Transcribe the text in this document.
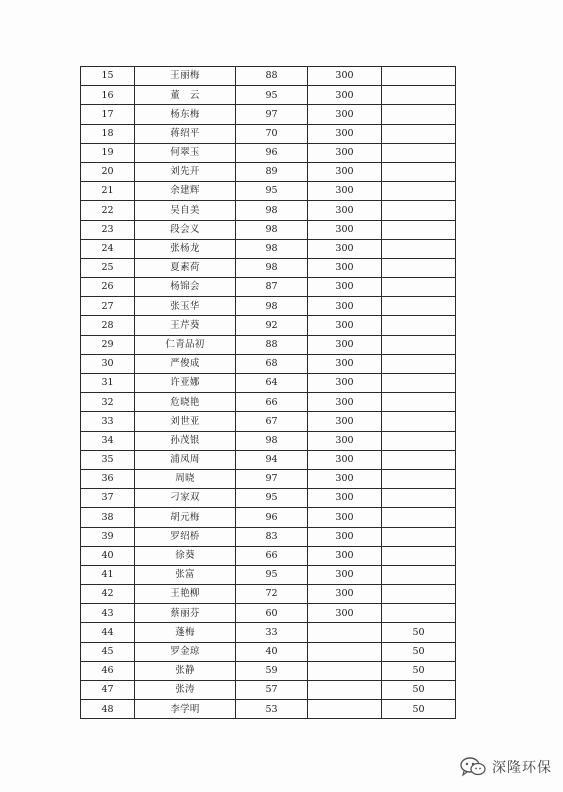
15	王丽梅	88	300	
16	董　云	95	300	
17	杨东梅	97	300	
18	蒋绍平	70	300	
19	何翠玉	96	300	
20	刘先开	89	300	
21	余建辉	95	300	
22	吴自美	98	300	
23	段会义	98	300	
24	张杨龙	98	300	
25	夏素荷	98	300	
26	杨锦会	87	300	
27	张玉华	98	300	
28	王芹葵	92	300	
29	仁青品初	88	300	
30	严俊成	68	300	
31	许亚娜	64	300	
32	危晓艳	66	300	
33	刘世亚	67	300	
34	孙茂银	98	300	
35	浦凤周	94	300	
36	周晓	97	300	
37	刁家双	95	300	
38	胡元梅	96	300	
39	罗绍桥	83	300	
40	徐葵	66	300	
41	张富	95	300	
42	王艳柳	72	300	
43	蔡丽芬	60	300	
44	蓬梅	33		50
45	罗金琼	40		50
46	张静	59		50
47	张涛	57		50
48	李学明	53		50
深隆环保
